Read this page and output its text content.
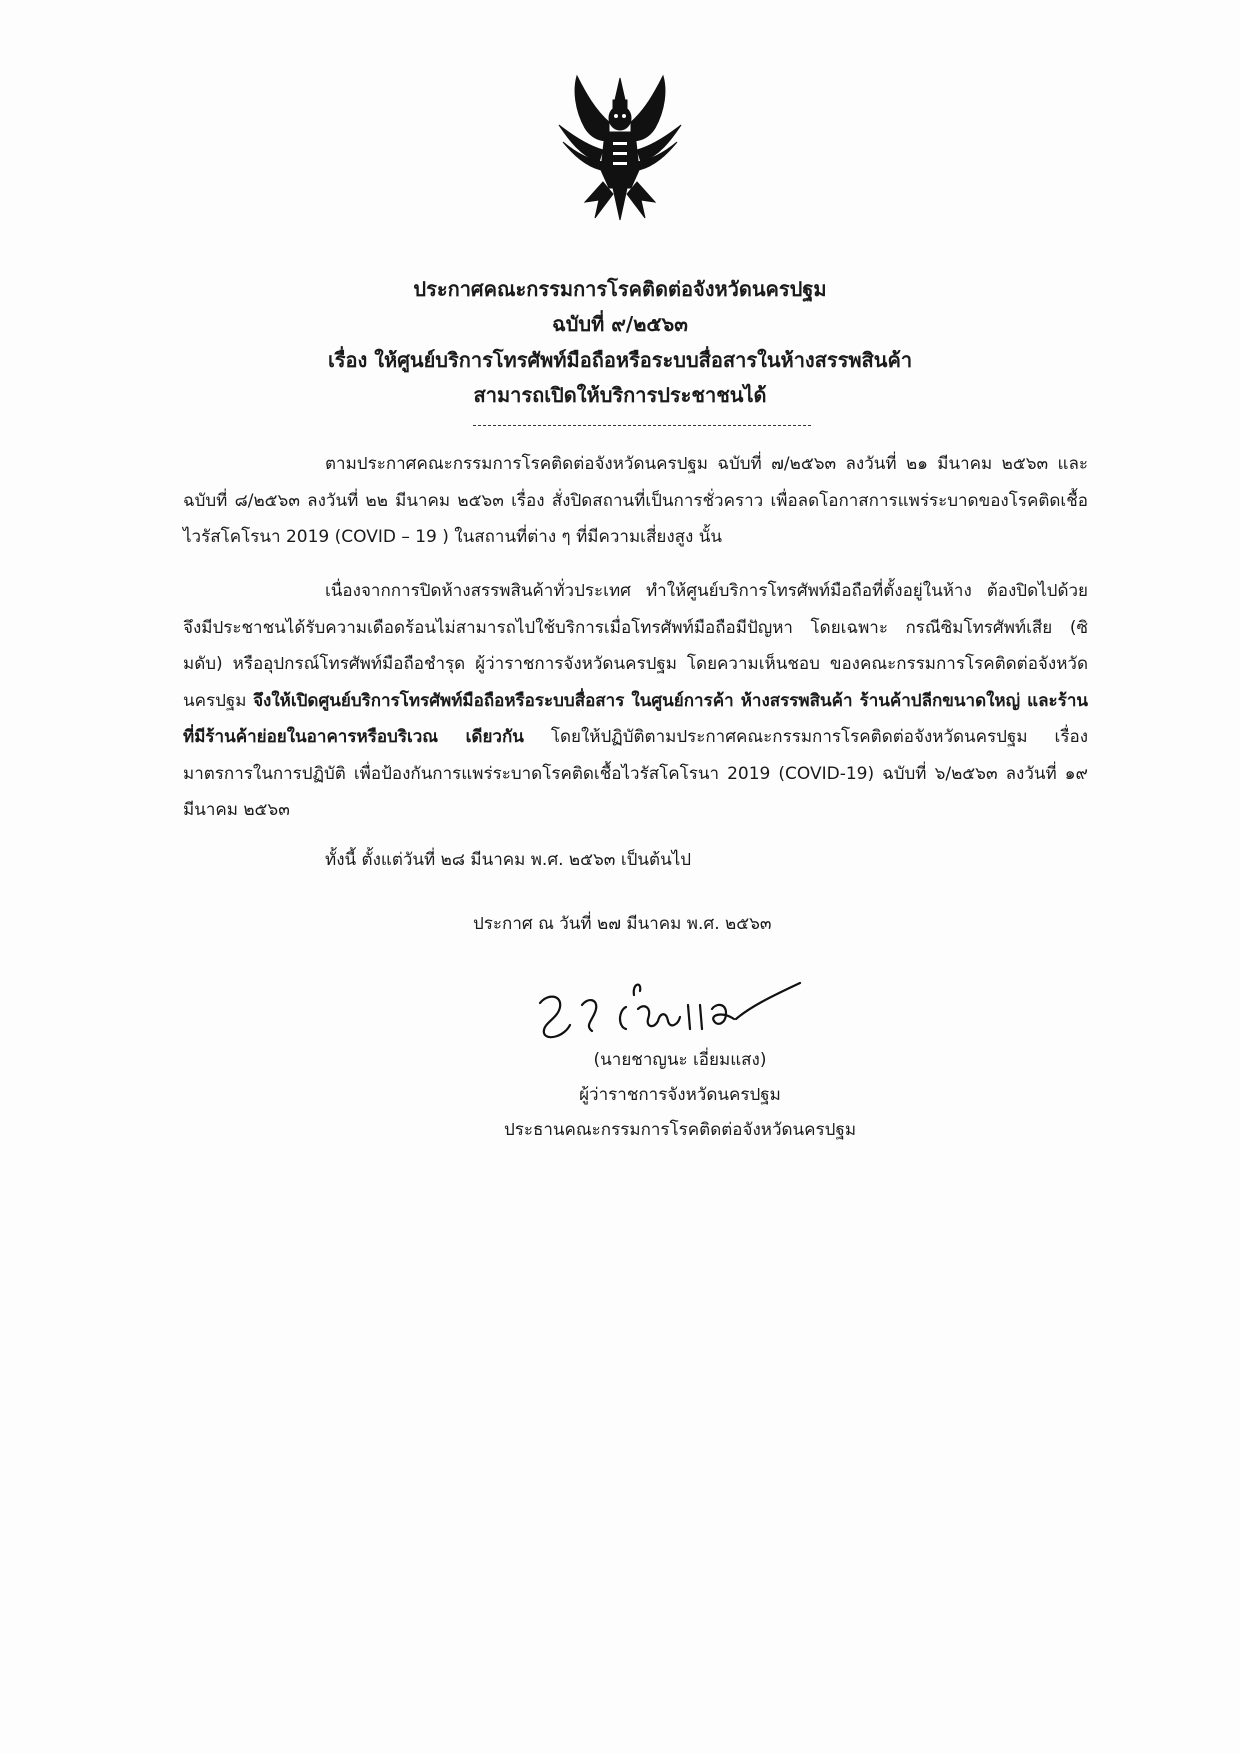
ประกาศคณะกรรมการโรคติดต่อจังหวัดนครปฐม
ฉบับที่ ๙/๒๕๖๓
เรื่อง ให้ศูนย์บริการโทรศัพท์มือถือหรือระบบสื่อสารในห้างสรรพสินค้า
สามารถเปิดให้บริการประชาชนได้

ตามประกาศคณะกรรมการโรคติดต่อจังหวัดนครปฐม ฉบับที่ ๗/๒๕๖๓ ลงวันที่ ๒๑ มีนาคม ๒๕๖๓ และฉบับที่ ๘/๒๕๖๓ ลงวันที่ ๒๒ มีนาคม ๒๕๖๓ เรื่อง สั่งปิดสถานที่เป็นการชั่วคราว เพื่อลดโอกาสการแพร่ระบาดของโรคติดเชื้อไวรัสโคโรนา 2019 (COVID – 19 ) ในสถานที่ต่าง ๆ ที่มีความเสี่ยงสูง นั้น

เนื่องจากการปิดห้างสรรพสินค้าทั่วประเทศ ทำให้ศูนย์บริการโทรศัพท์มือถือที่ตั้งอยู่ในห้าง ต้องปิดไปด้วย จึงมีประชาชนได้รับความเดือดร้อนไม่สามารถไปใช้บริการเมื่อโทรศัพท์มือถือมีปัญหา โดยเฉพาะ กรณีซิมโทรศัพท์เสีย (ซิมดับ) หรืออุปกรณ์โทรศัพท์มือถือชำรุด ผู้ว่าราชการจังหวัดนครปฐม โดยความเห็นชอบ ของคณะกรรมการโรคติดต่อจังหวัดนครปฐม จึงให้เปิดศูนย์บริการโทรศัพท์มือถือหรือระบบสื่อสาร ในศูนย์การค้า ห้างสรรพสินค้า ร้านค้าปลีกขนาดใหญ่ และร้านที่มีร้านค้าย่อยในอาคารหรือบริเวณ เดียวกัน โดยให้ปฏิบัติตามประกาศคณะกรรมการโรคติดต่อจังหวัดนครปฐม เรื่อง มาตรการในการปฏิบัติ เพื่อป้องกันการแพร่ระบาดโรคติดเชื้อไวรัสโคโรนา 2019 (COVID-19) ฉบับที่ ๖/๒๕๖๓ ลงวันที่ ๑๙ มีนาคม ๒๕๖๓

ทั้งนี้ ตั้งแต่วันที่ ๒๘ มีนาคม พ.ศ. ๒๕๖๓ เป็นต้นไป
ประกาศ ณ วันที่ ๒๗ มีนาคม พ.ศ. ๒๕๖๓
(นายชาญนะ เอี่ยมแสง)
ผู้ว่าราชการจังหวัดนครปฐม
ประธานคณะกรรมการโรคติดต่อจังหวัดนครปฐม
